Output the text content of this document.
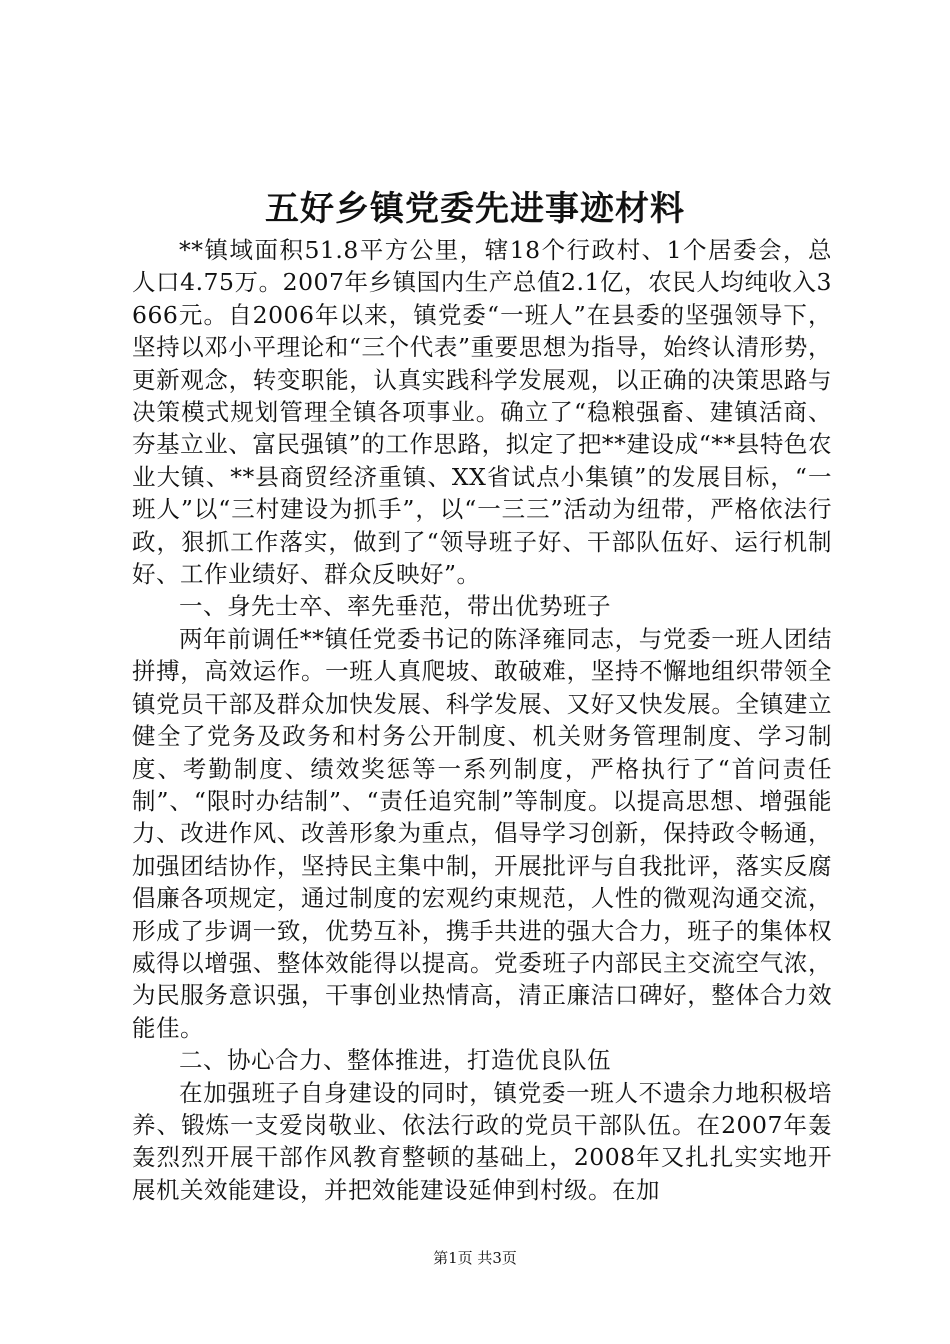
五好乡镇党委先进事迹材料

**镇域面积51.8平方公里，辖18个行政村、1个居委会，总人口4.75万。2007年乡镇国内生产总值2.1亿，农民人均纯收入3666元。自2006年以来，镇党委“一班人”在县委的坚强领导下，坚持以邓小平理论和“三个代表”重要思想为指导，始终认清形势，更新观念，转变职能，认真实践科学发展观，以正确的决策思路与决策模式规划管理全镇各项事业。确立了“稳粮强畜、建镇活商、夯基立业、富民强镇”的工作思路，拟定了把**建设成“**县特色农业大镇、**县商贸经济重镇、XX省试点小集镇”的发展目标，“一班人”以“三村建设为抓手”，以“一三三”活动为纽带，严格依法行政，狠抓工作落实，做到了“领导班子好、干部队伍好、运行机制好、工作业绩好、群众反映好”。

一、身先士卒、率先垂范，带出优势班子

两年前调任**镇任党委书记的陈泽雍同志，与党委一班人团结拼搏，高效运作。一班人真爬坡、敢破难，坚持不懈地组织带领全镇党员干部及群众加快发展、科学发展、又好又快发展。全镇建立健全了党务及政务和村务公开制度、机关财务管理制度、学习制度、考勤制度、绩效奖惩等一系列制度，严格执行了“首问责任制”、“限时办结制”、“责任追究制”等制度。以提高思想、增强能力、改进作风、改善形象为重点，倡导学习创新，保持政令畅通，加强团结协作，坚持民主集中制，开展批评与自我批评，落实反腐倡廉各项规定，通过制度的宏观约束规范，人性的微观沟通交流，形成了步调一致，优势互补，携手共进的强大合力，班子的集体权威得以增强、整体效能得以提高。党委班子内部民主交流空气浓，为民服务意识强，干事创业热情高，清正廉洁口碑好，整体合力效能佳。

二、协心合力、整体推进，打造优良队伍

在加强班子自身建设的同时，镇党委一班人不遗余力地积极培养、锻炼一支爱岗敬业、依法行政的党员干部队伍。在2007年轰轰烈烈开展干部作风教育整顿的基础上，2008年又扎扎实实地开展机关效能建设，并把效能建设延伸到村级。在加

第1页 共3页
